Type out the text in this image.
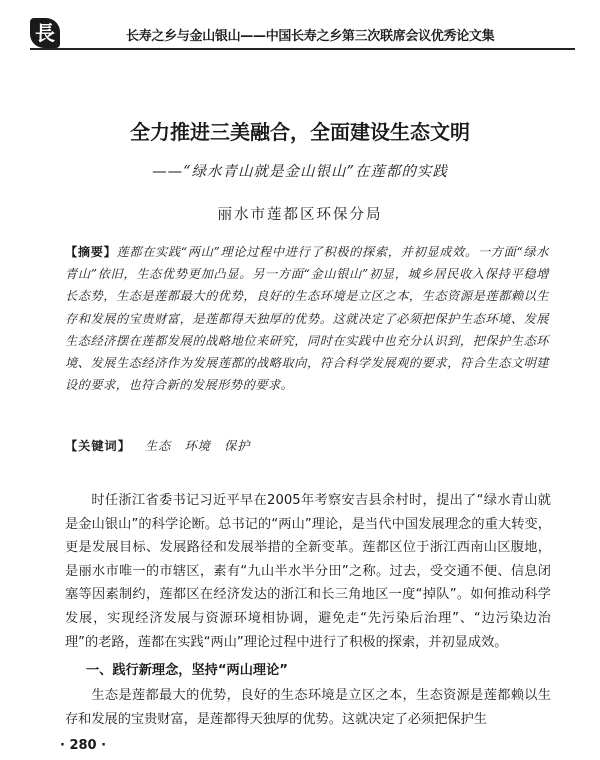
長	长寿之乡与金山银山——中国长寿之乡第三次联席会议优秀论文集
全力推进三美融合，全面建设生态文明
——“绿水青山就是金山银山”在莲都的实践
丽水市莲都区环保分局
【摘要】莲都在实践“两山”理论过程中进行了积极的探索，并初显成效。一方面“绿水青山”依旧，生态优势更加凸显。另一方面“金山银山”初显，城乡居民收入保持平稳增长态势，生态是莲都最大的优势，良好的生态环境是立区之本，生态资源是莲都赖以生存和发展的宝贵财富，是莲都得天独厚的优势。这就决定了必须把保护生态环境、发展生态经济摆在莲都发展的战略地位来研究，同时在实践中也充分认识到，把保护生态环境、发展生态经济作为发展莲都的战略取向，符合科学发展观的要求，符合生态文明建设的要求，也符合新的发展形势的要求。
【关键词】 生态　环境　保护
时任浙江省委书记习近平早在2005年考察安吉县余村时，提出了“绿水青山就是金山银山”的科学论断。总书记的“两山”理论，是当代中国发展理念的重大转变，更是发展目标、发展路径和发展举措的全新变革。莲都区位于浙江西南山区腹地，是丽水市唯一的市辖区，素有“九山半水半分田”之称。过去，受交通不便、信息闭塞等因素制约，莲都区在经济发达的浙江和长三角地区一度“掉队”。如何推动科学发展，实现经济发展与资源环境相协调，避免走“先污染后治理”、“边污染边治理”的老路，莲都在实践“两山”理论过程中进行了积极的探索，并初显成效。
一、践行新理念，坚持“两山理论”
生态是莲都最大的优势，良好的生态环境是立区之本，生态资源是莲都赖以生存和发展的宝贵财富，是莲都得天独厚的优势。这就决定了必须把保护生
· 280 ·
